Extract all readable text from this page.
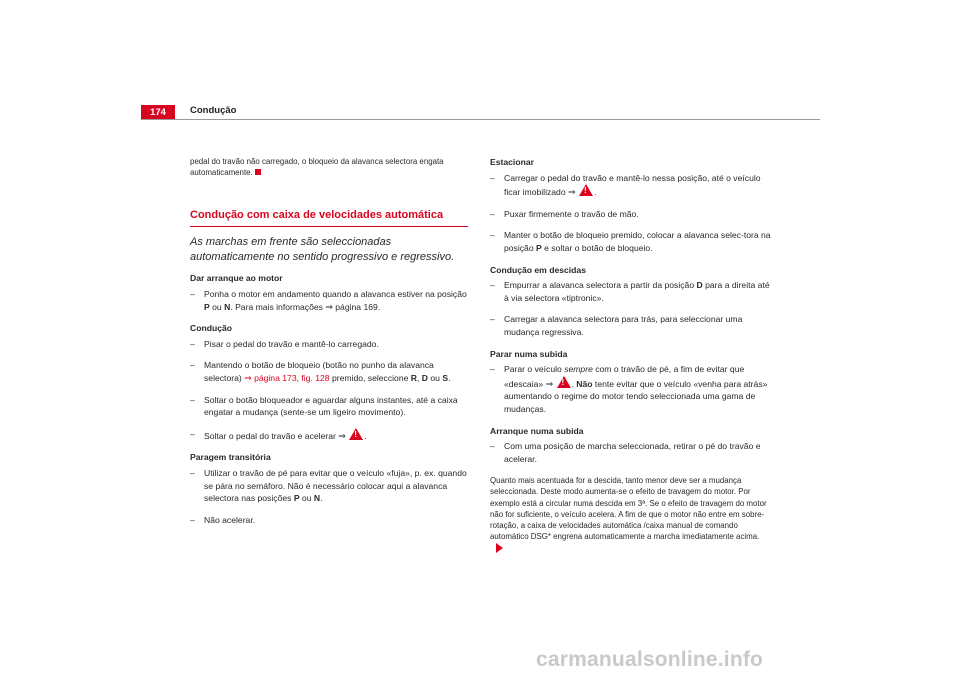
174	Condução
pedal do travão não carregado, o bloqueio da alavanca selectora engata automaticamente.
Condução com caixa de velocidades automática
As marchas em frente são seleccionadas automaticamente no sentido progressivo e regressivo.
Dar arranque ao motor
– Ponha o motor em andamento quando a alavanca estiver na posição P ou N. Para mais informações ⇒ página 169.
Condução
– Pisar o pedal do travão e mantê-lo carregado.
– Mantendo o botão de bloqueio (botão no punho da alavanca selectora) ⇒ página 173, fig. 128 premido, seleccione R, D ou S.
– Soltar o botão bloqueador e aguardar alguns instantes, até a caixa engatar a mudança (sente-se um ligeiro movimento).
– Soltar o pedal do travão e acelerar ⇒ ! .
Paragem transitória
– Utilizar o travão de pé para evitar que o veículo «fuja», p. ex. quando se pára no semáforo. Não é necessário colocar aqui a alavanca selectora nas posições P ou N.
– Não acelerar.
Estacionar
– Carregar o pedal do travão e mantê-lo nessa posição, até o veículo ficar imobilizado ⇒ ! .
– Puxar firmemente o travão de mão.
– Manter o botão de bloqueio premido, colocar a alavanca selec-tora na posição P e soltar o botão de bloqueio.
Condução em descidas
– Empurrar a alavanca selectora a partir da posição D para a direita até à via selectora «tiptronic».
– Carregar a alavanca selectora para trás, para seleccionar uma mudança regressiva.
Parar numa subida
– Parar o veículo sempre com o travão de pé, a fim de evitar que «descaia» ⇒ ! . Não tente evitar que o veículo «venha para atrás» aumentando o regime do motor tendo seleccionada uma gama de mudanças.
Arranque numa subida
– Com uma posição de marcha seleccionada, retirar o pé do travão e acelerar.
Quanto mais acentuada for a descida, tanto menor deve ser a mudança seleccionada. Deste modo aumenta-se o efeito de travagem do motor. Por exemplo está a circular numa descida em 3ª. Se o efeito de travagem do motor não for suficiente, o veículo acelera. A fim de que o motor não entre em sobre-rotação, a caixa de velocidades automática /caixa manual de comando automático DSG* engrena automaticamente a marcha imediatamente acima.
carmanualsonline.info
